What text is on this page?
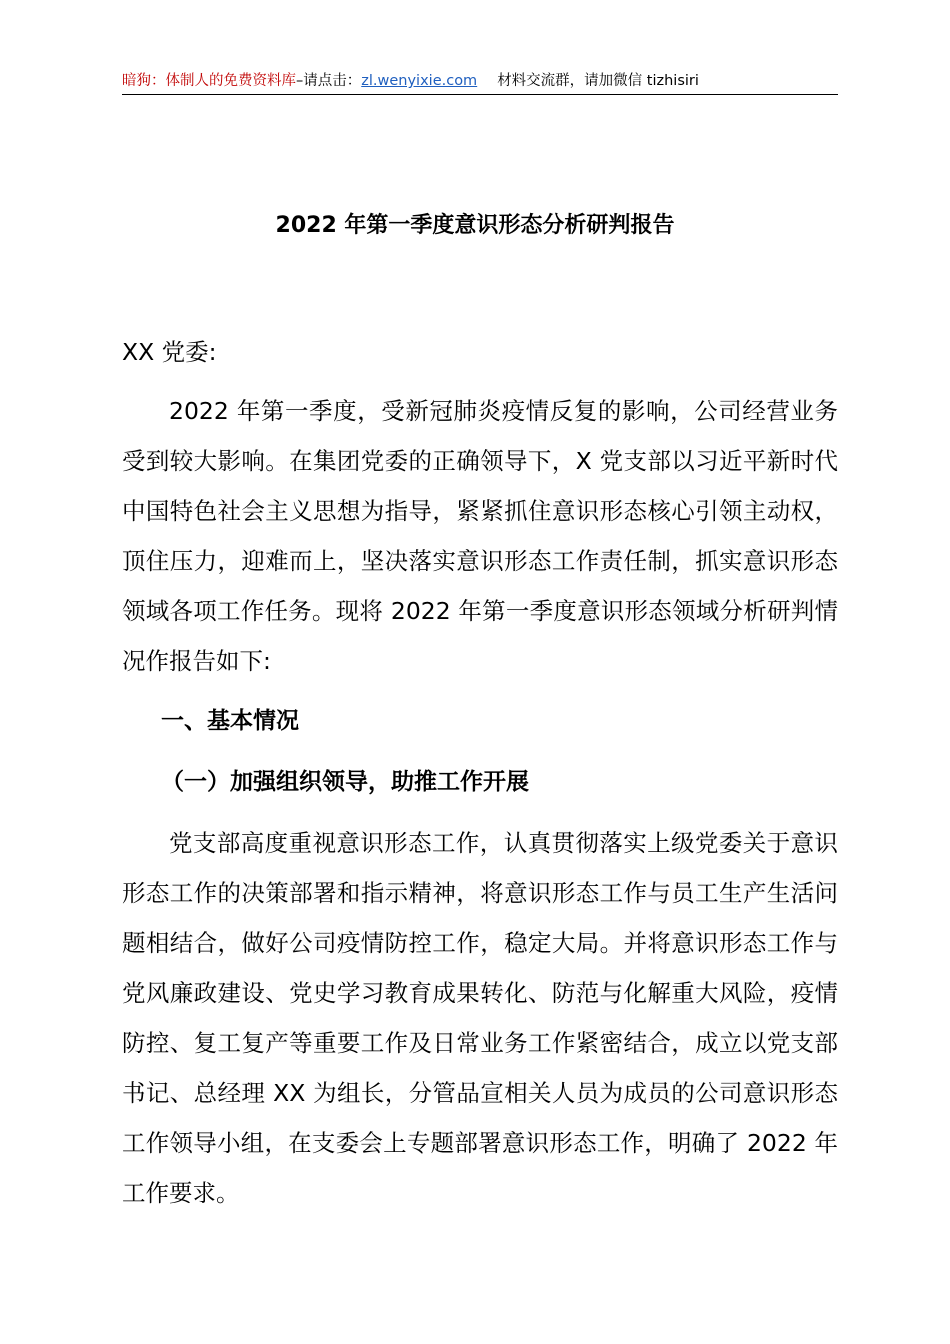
暗狗：体制人的免费资料库–请点击：zl.wenyixie.com 材料交流群，请加微信 tizhisiri
2022 年第一季度意识形态分析研判报告

XX 党委:

2022 年第一季度，受新冠肺炎疫情反复的影响，公司经营业务受到较大影响。在集团党委的正确领导下，X 党支部以习近平新时代中国特色社会主义思想为指导，紧紧抓住意识形态核心引领主动权，顶住压力，迎难而上，坚决落实意识形态工作责任制，抓实意识形态领域各项工作任务。现将 2022 年第一季度意识形态领域分析研判情况作报告如下:

一、基本情况
（一）加强组织领导，助推工作开展

党支部高度重视意识形态工作，认真贯彻落实上级党委关于意识形态工作的决策部署和指示精神，将意识形态工作与员工生产生活问题相结合，做好公司疫情防控工作，稳定大局。并将意识形态工作与党风廉政建设、党史学习教育成果转化、防范与化解重大风险，疫情防控、复工复产等重要工作及日常业务工作紧密结合，成立以党支部书记、总经理 XX 为组长，分管品宣相关人员为成员的公司意识形态工作领导小组，在支委会上专题部署意识形态工作，明确了 2022 年工作要求。
